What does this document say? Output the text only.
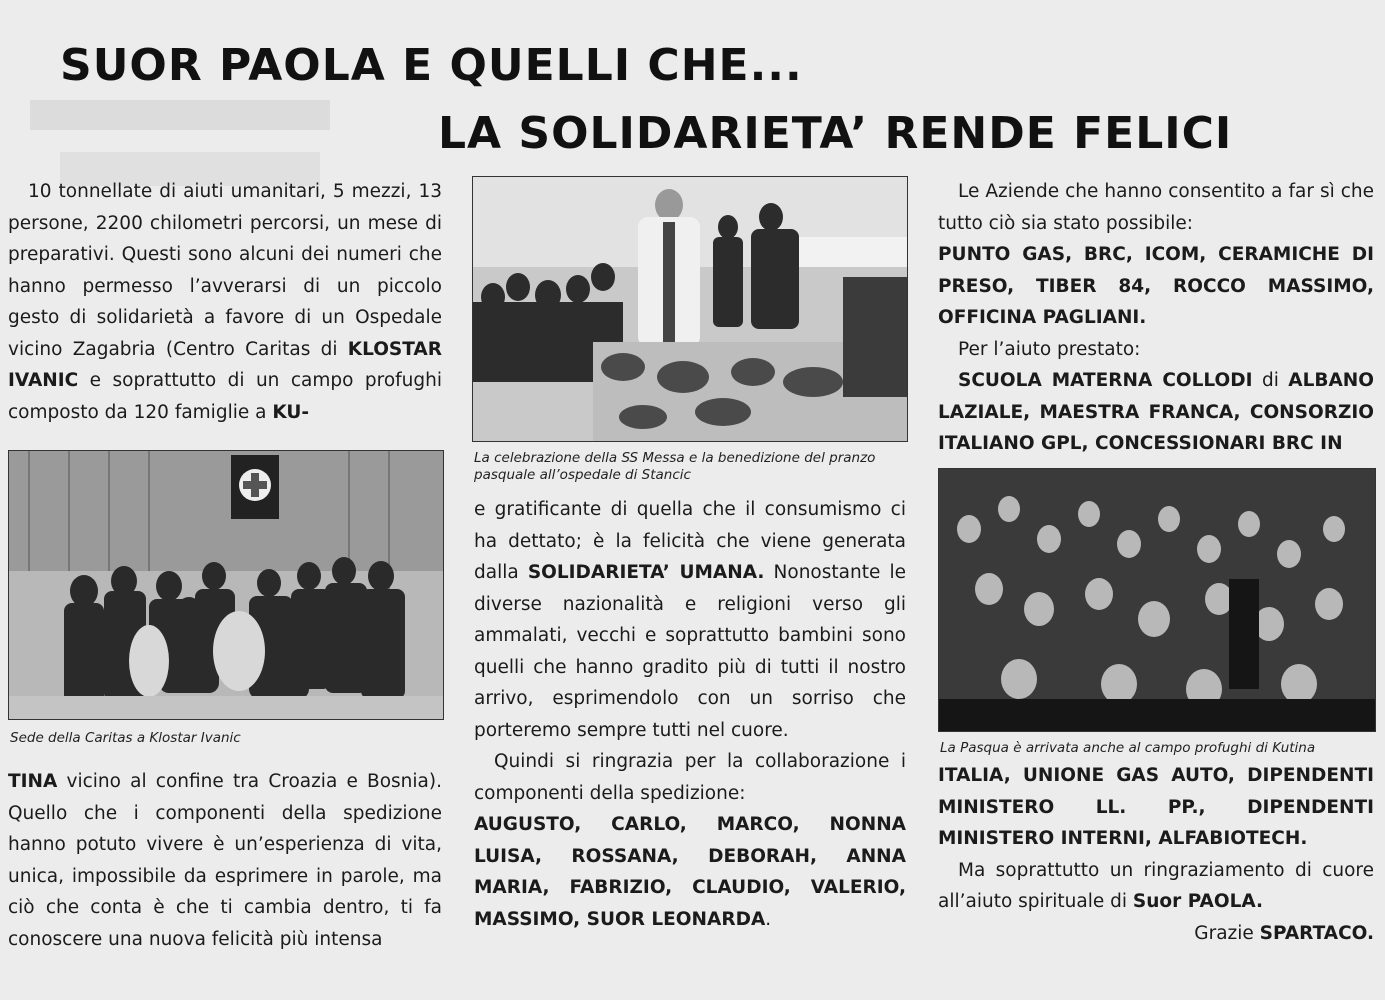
SUOR PAOLA E QUELLI CHE...
LA SOLIDARIETA’ RENDE FELICI

10 tonnellate di aiuti umanitari, 5 mezzi, 13 persone, 2200 chilometri percorsi, un mese di preparativi. Questi sono alcuni dei numeri che hanno permesso l’avverarsi di un piccolo gesto di solidarietà a favore di un Ospedale vicino Zagabria (Centro Caritas di KLOSTAR IVANIC e soprattutto di un campo profughi composto da 120 famiglie a KU-

Sede della Caritas a Klostar Ivanic

TINA vicino al confine tra Croazia e Bosnia). Quello che i componenti della spedizione hanno potuto vivere è un’esperienza di vita, unica, impossibile da esprimere in parole, ma ciò che conta è che ti cambia dentro, ti fa conoscere una nuova felicità più intensa

La celebrazione della SS Messa e la benedizione del pranzo pasquale all’ospedale di Stancic

e gratificante di quella che il consumismo ci ha dettato; è la felicità che viene generata dalla SOLIDARIETA’ UMANA. Nonostante le diverse nazionalità e religioni verso gli ammalati, vecchi e soprattutto bambini sono quelli che hanno gradito più di tutti il nostro arrivo, esprimendolo con un sorriso che porteremo sempre tutti nel cuore.

Quindi si ringrazia per la collaborazione i componenti della spedizione:

AUGUSTO, CARLO, MARCO, NONNA LUISA, ROSSANA, DEBORAH, ANNA MARIA, FABRIZIO, CLAUDIO, VALERIO, MASSIMO, SUOR LEONARDA.

Le Aziende che hanno consentito a far sì che tutto ciò sia stato possibile:

PUNTO GAS, BRC, ICOM, CERAMICHE DI PRESO, TIBER 84, ROCCO MASSIMO, OFFICINA PAGLIANI.

Per l’aiuto prestato:

SCUOLA MATERNA COLLODI di ALBANO LAZIALE, MAESTRA FRANCA, CONSORZIO ITALIANO GPL, CONCESSIONARI BRC IN

La Pasqua è arrivata anche al campo profughi di Kutina

ITALIA, UNIONE GAS AUTO, DIPENDENTI MINISTERO LL. PP., DIPENDENTI MINISTERO INTERNI, ALFABIOTECH.

Ma soprattutto un ringraziamento di cuore all’aiuto spirituale di Suor PAOLA.

Grazie SPARTACO.
